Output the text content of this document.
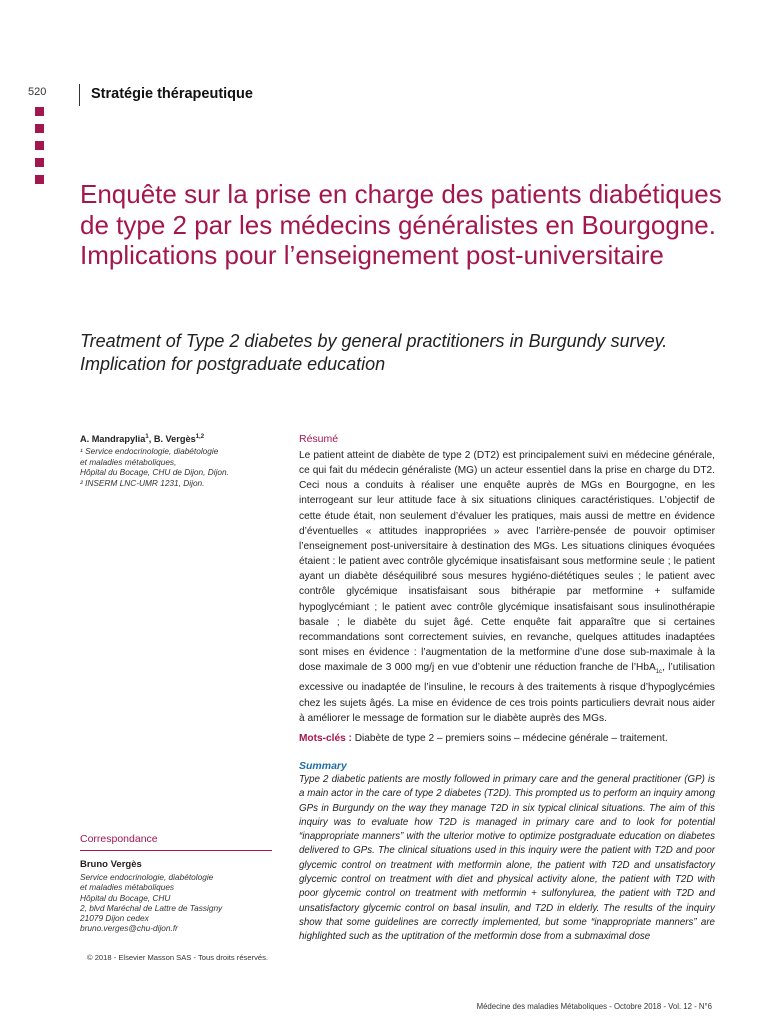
520	Stratégie thérapeutique
Enquête sur la prise en charge des patients diabétiques de type 2 par les médecins généralistes en Bourgogne. Implications pour l’enseignement post-universitaire
Treatment of Type 2 diabetes by general practitioners in Burgundy survey. Implication for postgraduate education
A. Mandrapylia$^1$, B. Vergès$^{1,2}$
¹ Service endocrinologie, diabétologie
et maladies métaboliques,
Hôpital du Bocage, CHU de Dijon, Dijon.
² INSERM LNC-UMR 1231, Dijon.
Correspondance
Bruno Vergès
Service endocrinologie, diabétologie
et maladies métaboliques
Hôpital du Bocage, CHU
2, blvd Maréchal de Lattre de Tassigny
21079 Dijon cedex
bruno.verges@chu-dijon.fr
© 2018 - Elsevier Masson SAS - Tous droits réservés.
Résumé
Le patient atteint de diabète de type 2 (DT2) est principalement suivi en médecine générale, ce qui fait du médecin généraliste (MG) un acteur essentiel dans la prise en charge du DT2. Ceci nous a conduits à réaliser une enquête auprès de MGs en Bourgogne, en les interrogeant sur leur attitude face à six situations cliniques caractéristiques. L’objectif de cette étude était, non seulement d’évaluer les pratiques, mais aussi de mettre en évidence d’éventuelles « attitudes inappropriées » avec l’arrière-pensée de pouvoir optimiser l’enseignement post-universitaire à destination des MGs. Les situations cliniques évoquées étaient : le patient avec contrôle glycémique insatisfaisant sous metformine seule ; le patient ayant un diabète déséquilibré sous mesures hygiéno-diététiques seules ; le patient avec contrôle glycémique insatisfaisant sous bithérapie par metformine + sulfamide hypoglycémiant ; le patient avec contrôle glycémique insatisfaisant sous insulinothérapie basale ; le diabète du sujet âgé. Cette enquête fait apparaître que si certaines recommandations sont correctement suivies, en revanche, quelques attitudes inadaptées sont mises en évidence : l’augmentation de la metformine d’une dose sub-maximale à la dose maximale de 3 000 mg/j en vue d’obtenir une réduction franche de l’HbA$_{1c}$, l’utilisation excessive ou inadaptée de l’insuline, le recours à des traitements à risque d’hypoglycémies chez les sujets âgés. La mise en évidence de ces trois points particuliers devrait nous aider à améliorer le message de formation sur le diabète auprès des MGs.
Mots-clés : Diabète de type 2 – premiers soins – médecine générale – traitement.
Summary
Type 2 diabetic patients are mostly followed in primary care and the general practitioner (GP) is a main actor in the care of type 2 diabetes (T2D). This prompted us to perform an inquiry among GPs in Burgundy on the way they manage T2D in six typical clinical situations. The aim of this inquiry was to evaluate how T2D is managed in primary care and to look for potential “inappropriate manners” with the ulterior motive to optimize postgraduate education on diabetes delivered to GPs. The clinical situations used in this inquiry were the patient with T2D and poor glycemic control on treatment with metformin alone, the patient with T2D and unsatisfactory glycemic control on treatment with diet and physical activity alone, the patient with T2D with poor glycemic control on treatment with metformin + sulfonylurea, the patient with T2D and unsatisfactory glycemic control on basal insulin, and T2D in elderly. The results of the inquiry show that some guidelines are correctly implemented, but some “inappropriate manners” are highlighted such as the uptitration of the metformin dose from a submaximal dose
Médecine des maladies Métaboliques - Octobre 2018 - Vol. 12 - N°6
